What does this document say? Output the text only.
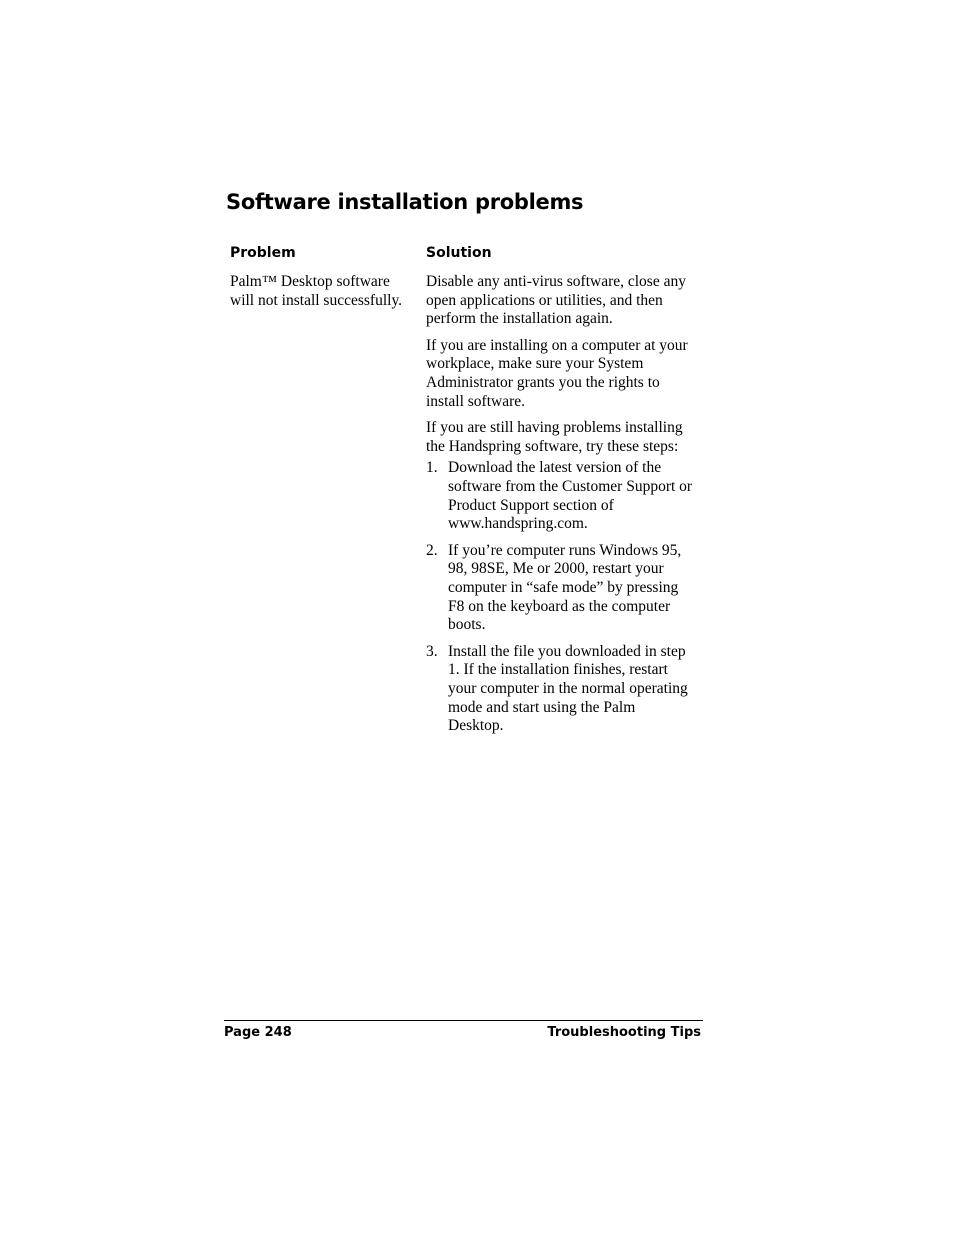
Software installation problems
Problem	Solution

Palm™ Desktop software will not install successfully.

Disable any anti-virus software, close any open applications or utilities, and then perform the installation again.

If you are installing on a computer at your workplace, make sure your System Administrator grants you the rights to install software.

If you are still having problems installing the Handspring software, try these steps:

1. Download the latest version of the software from the Customer Support or Product Support section of www.handspring.com.
2. If you’re computer runs Windows 95, 98, 98SE, Me or 2000, restart your computer in “safe mode” by pressing F8 on the keyboard as the computer boots.
3. Install the file you downloaded in step 1. If the installation finishes, restart your computer in the normal operating mode and start using the Palm Desktop.
Page 248	Troubleshooting Tips
